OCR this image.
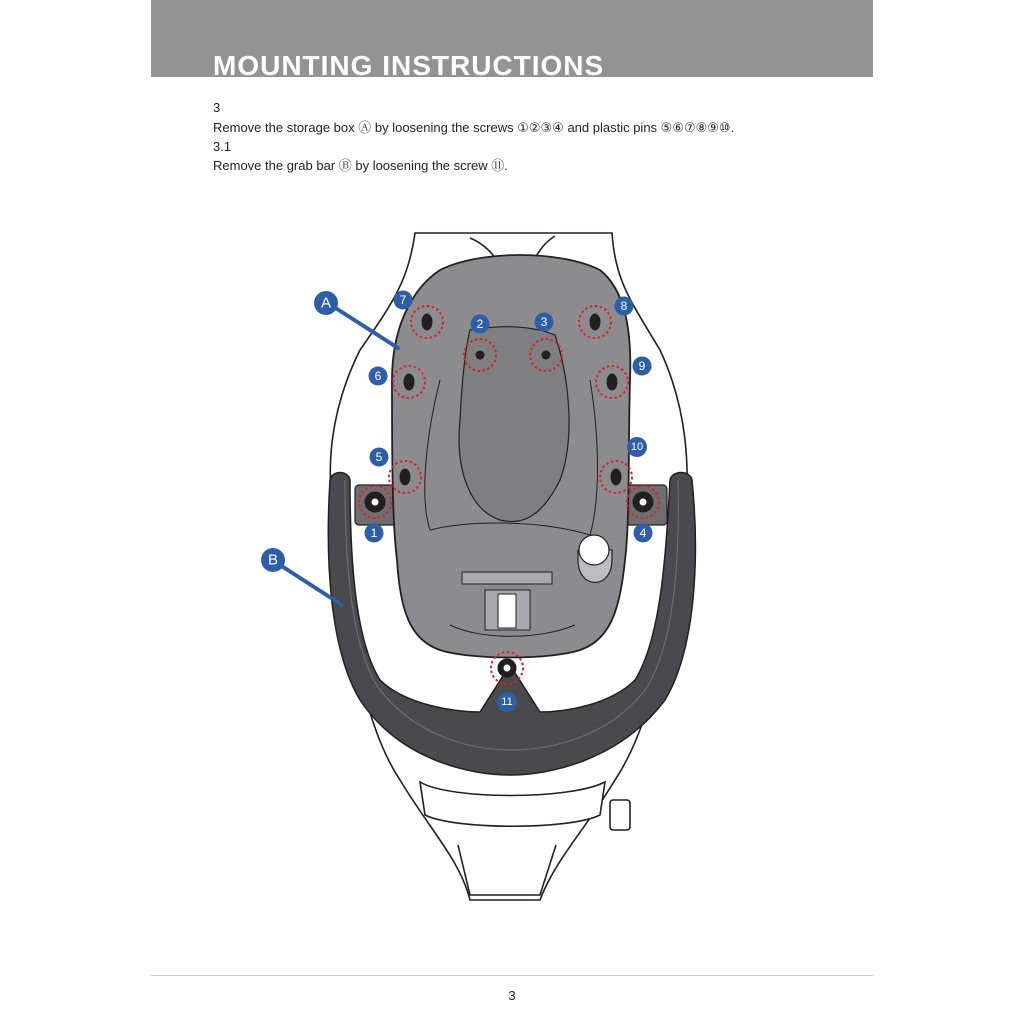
MOUNTING INSTRUCTIONS
3

Remove the storage box Ⓐ by loosening the screws ①②③④ and plastic pins ⑤⑥⑦⑧⑨⑩.

3.1

Remove the grab bar Ⓑ by loosening the screw ⑪.

A
B
1
2	3
4
5
6
7	8
9
10
11
3
